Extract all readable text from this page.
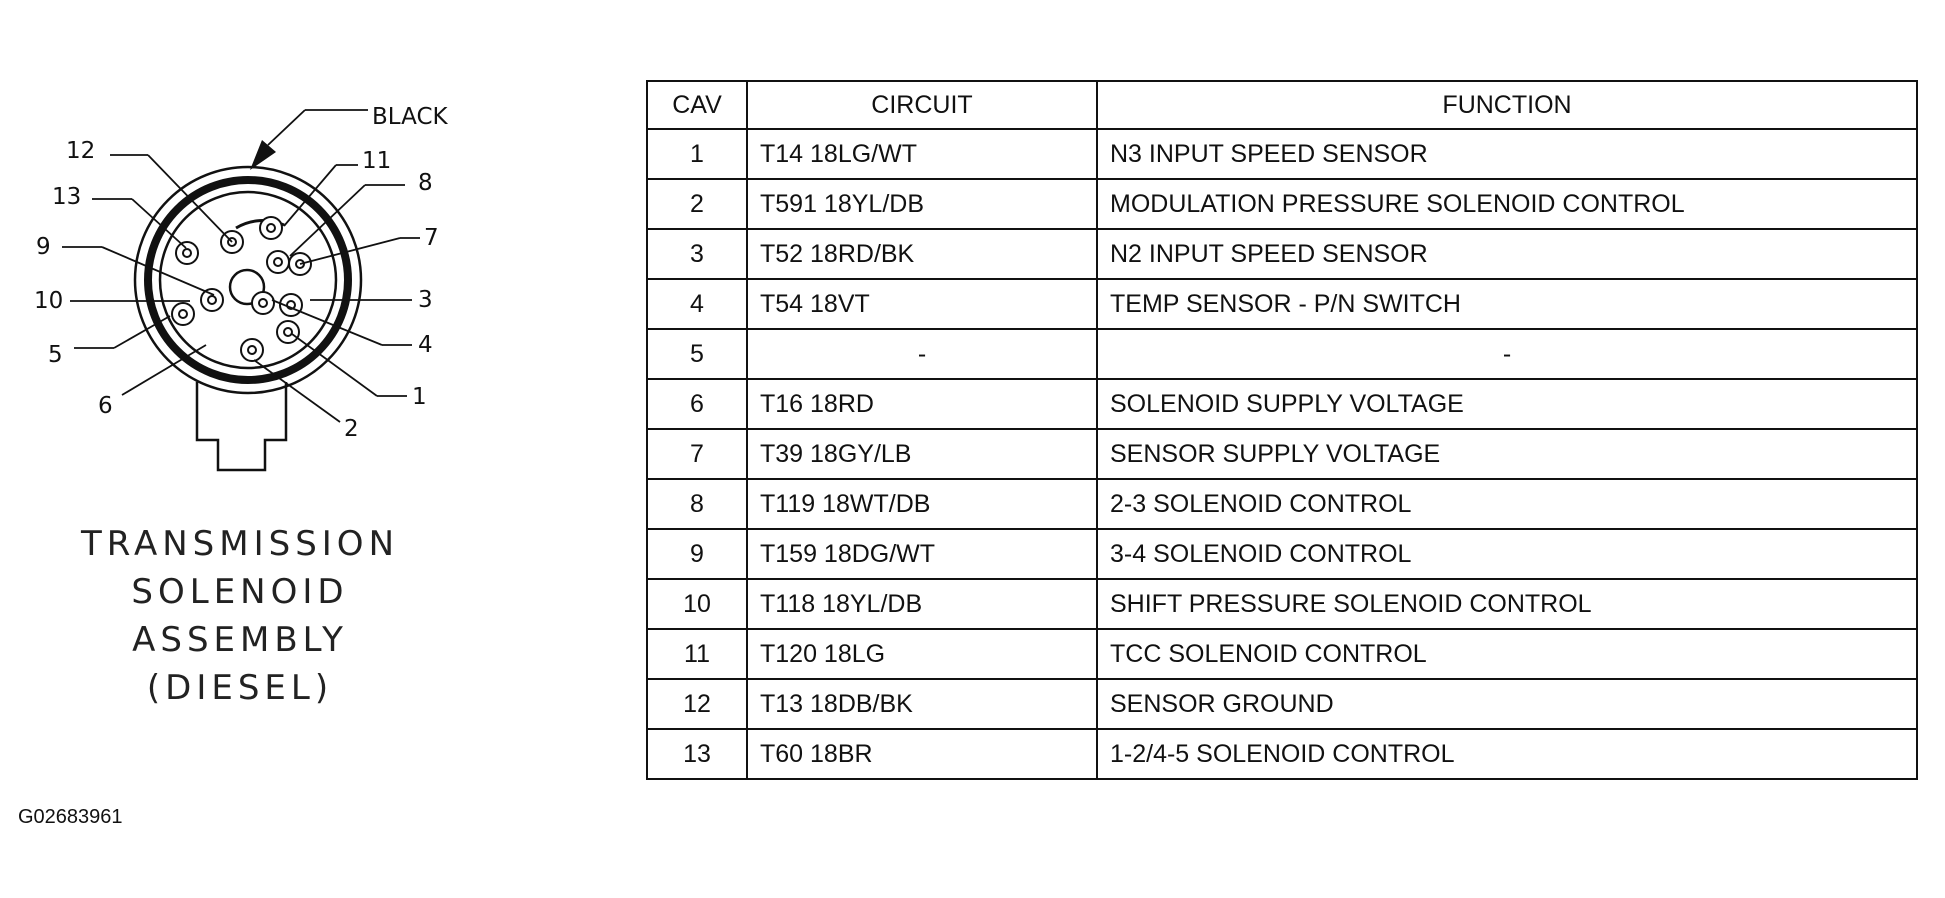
BLACK
12
13
9
10
5
6
11
8
7
3
4
1
2
TRANSMISSION
SOLENOID
ASSEMBLY
(DIESEL)
G02683961
CAV	CIRCUIT	FUNCTION
1	T14 18LG/WT	N3 INPUT SPEED SENSOR
2	T591 18YL/DB	MODULATION PRESSURE SOLENOID CONTROL
3	T52 18RD/BK	N2 INPUT SPEED SENSOR
4	T54 18VT	TEMP SENSOR - P/N SWITCH
5	-	-
6	T16 18RD	SOLENOID SUPPLY VOLTAGE
7	T39 18GY/LB	SENSOR SUPPLY VOLTAGE
8	T119 18WT/DB	2-3 SOLENOID CONTROL
9	T159 18DG/WT	3-4 SOLENOID CONTROL
10	T118 18YL/DB	SHIFT PRESSURE SOLENOID CONTROL
11	T120 18LG	TCC SOLENOID CONTROL
12	T13 18DB/BK	SENSOR GROUND
13	T60 18BR	1-2/4-5 SOLENOID CONTROL
